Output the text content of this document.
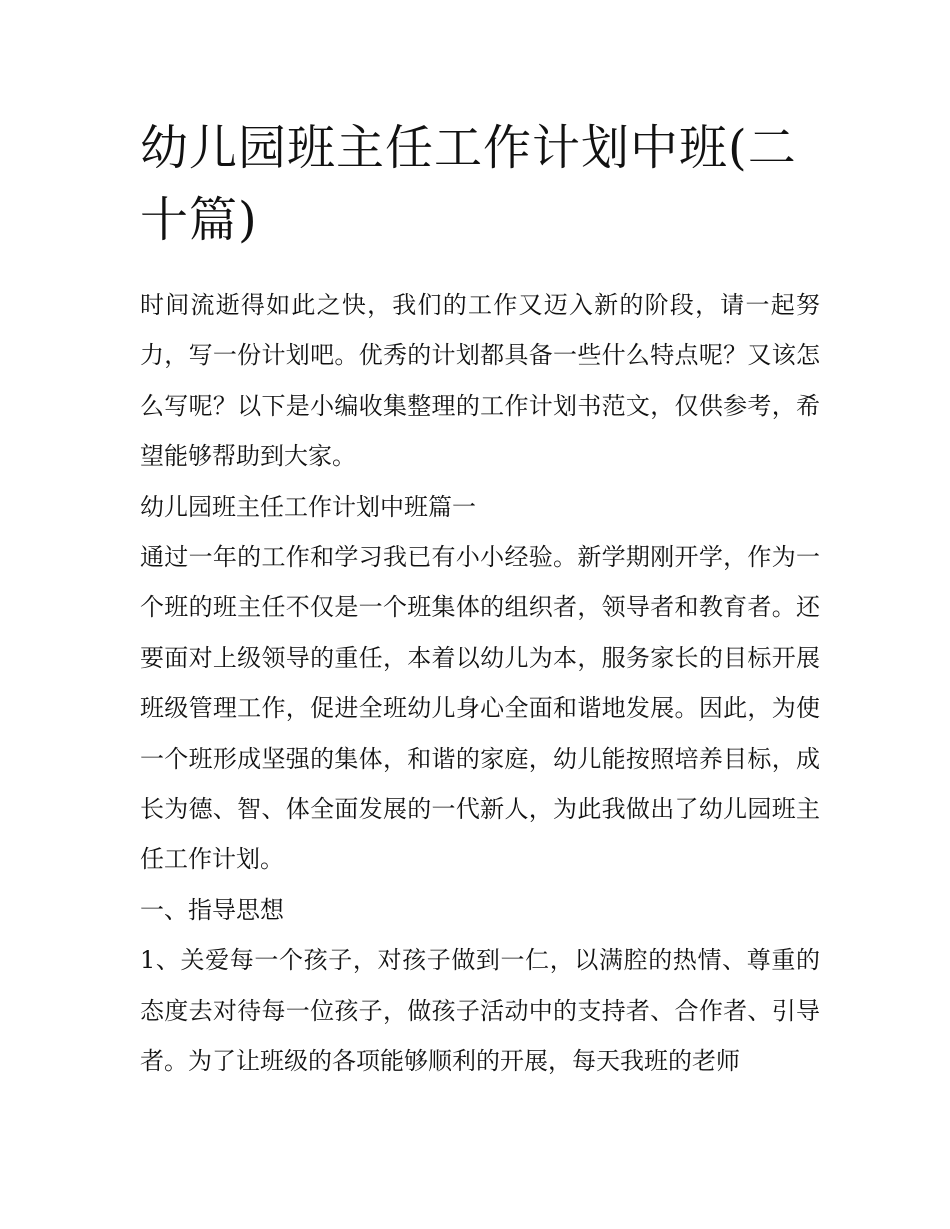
幼儿园班主任工作计划中班(二十篇)

时间流逝得如此之快，我们的工作又迈入新的阶段，请一起努力，写一份计划吧。优秀的计划都具备一些什么特点呢？又该怎么写呢？以下是小编收集整理的工作计划书范文，仅供参考，希望能够帮助到大家。

幼儿园班主任工作计划中班篇一

通过一年的工作和学习我已有小小经验。新学期刚开学，作为一个班的班主任不仅是一个班集体的组织者，领导者和教育者。还要面对上级领导的重任，本着以幼儿为本，服务家长的目标开展班级管理工作，促进全班幼儿身心全面和谐地发展。因此，为使一个班形成坚强的集体，和谐的家庭，幼儿能按照培养目标，成长为德、智、体全面发展的一代新人，为此我做出了幼儿园班主任工作计划。

一、指导思想

1、关爱每一个孩子，对孩子做到一仁，以满腔的热情、尊重的态度去对待每一位孩子，做孩子活动中的支持者、合作者、引导者。为了让班级的各项能够顺利的开展，每天我班的老师
